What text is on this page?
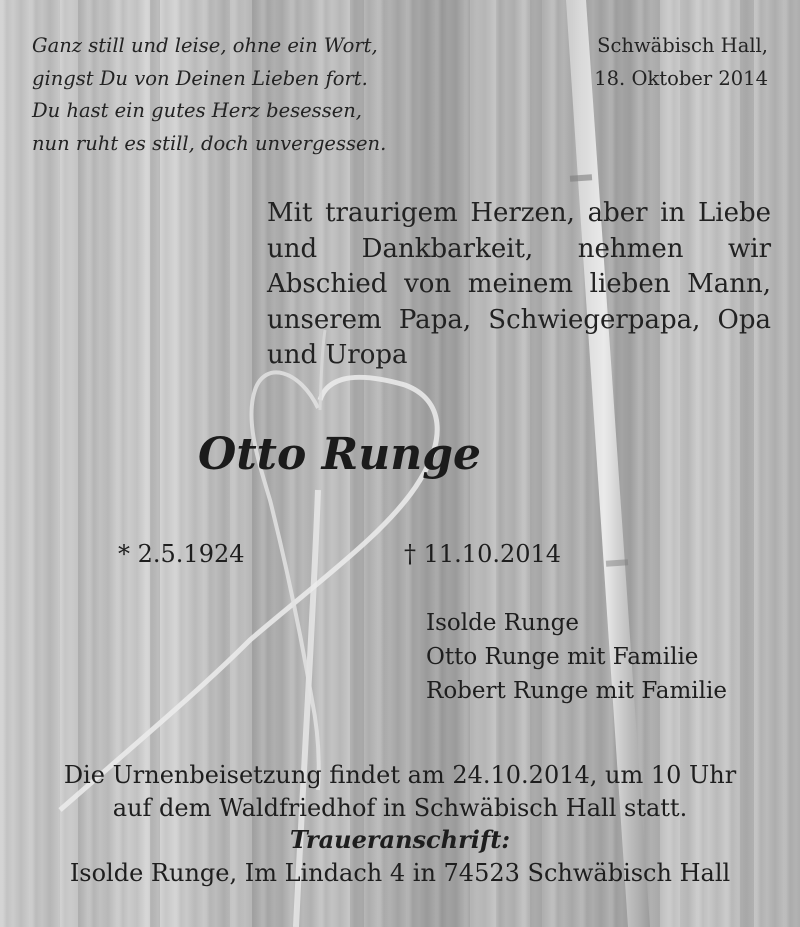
Ganz still und leise, ohne ein Wort,
gingst Du von Deinen Lieben fort.
Du hast ein gutes Herz besessen,
nun ruht es still, doch unvergessen.

Schwäbisch Hall,
18. Oktober 2014

Mit traurigem Herzen, aber in Liebe und Dankbarkeit, nehmen wir Abschied von meinem lieben Mann, unserem Papa, Schwiegerpapa, Opa und Uropa

Otto Runge
* 2.5.1924	† 11.10.2014
Isolde Runge
Otto Runge mit Familie
Robert Runge mit Familie
Die Urnenbeisetzung findet am 24.10.2014, um 10 Uhr
auf dem Waldfriedhof in Schwäbisch Hall statt.
Traueranschrift:
Isolde Runge, Im Lindach 4 in 74523 Schwäbisch Hall
